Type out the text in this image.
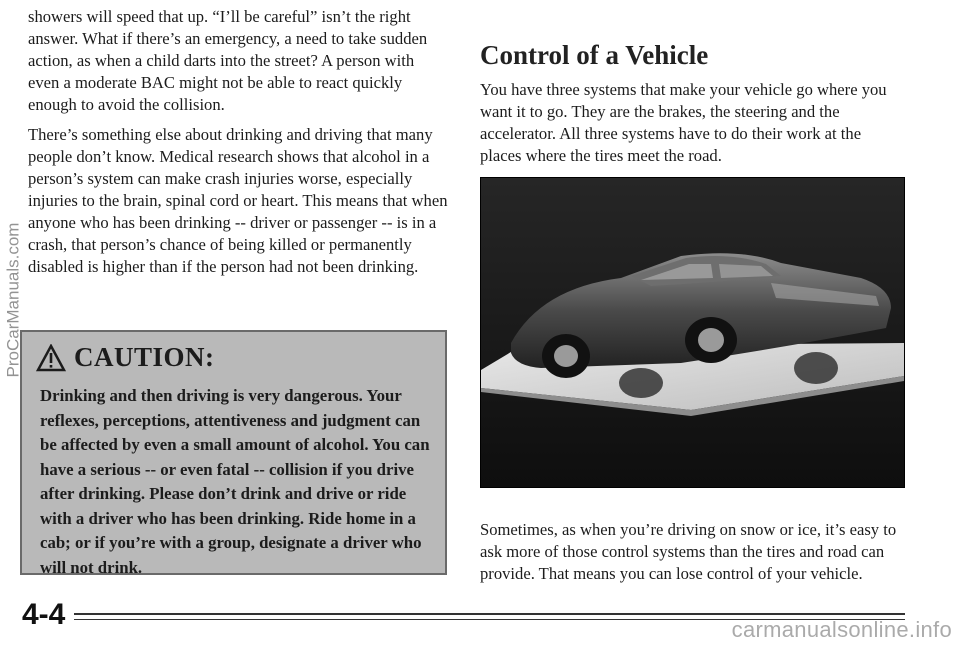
showers will speed that up. “I’ll be careful” isn’t the right answer. What if there’s an emergency, a need to take sudden action, as when a child darts into the street? A person with even a moderate BAC might not be able to react quickly enough to avoid the collision.

There’s something else about drinking and driving that many people don’t know. Medical research shows that alcohol in a person’s system can make crash injuries worse, especially injuries to the brain, spinal cord or heart. This means that when anyone who has been drinking -- driver or passenger -- is in a crash, that person’s chance of being killed or permanently disabled is higher than if the person had not been drinking.

CAUTION:

Drinking and then driving is very dangerous. Your reflexes, perceptions, attentiveness and judgment can be affected by even a small amount of alcohol. You can have a serious -- or even fatal -- collision if you drive after drinking. Please don’t drink and drive or ride with a driver who has been drinking. Ride home in a cab; or if you’re with a group, designate a driver who will not drink.

Control of a Vehicle

You have three systems that make your vehicle go where you want it to go. They are the brakes, the steering and the accelerator. All three systems have to do their work at the places where the tires meet the road.

Sometimes, as when you’re driving on snow or ice, it’s easy to ask more of those control systems than the tires and road can provide. That means you can lose control of your vehicle.

4-4
ProCarManuals.com
carmanualsonline.info
